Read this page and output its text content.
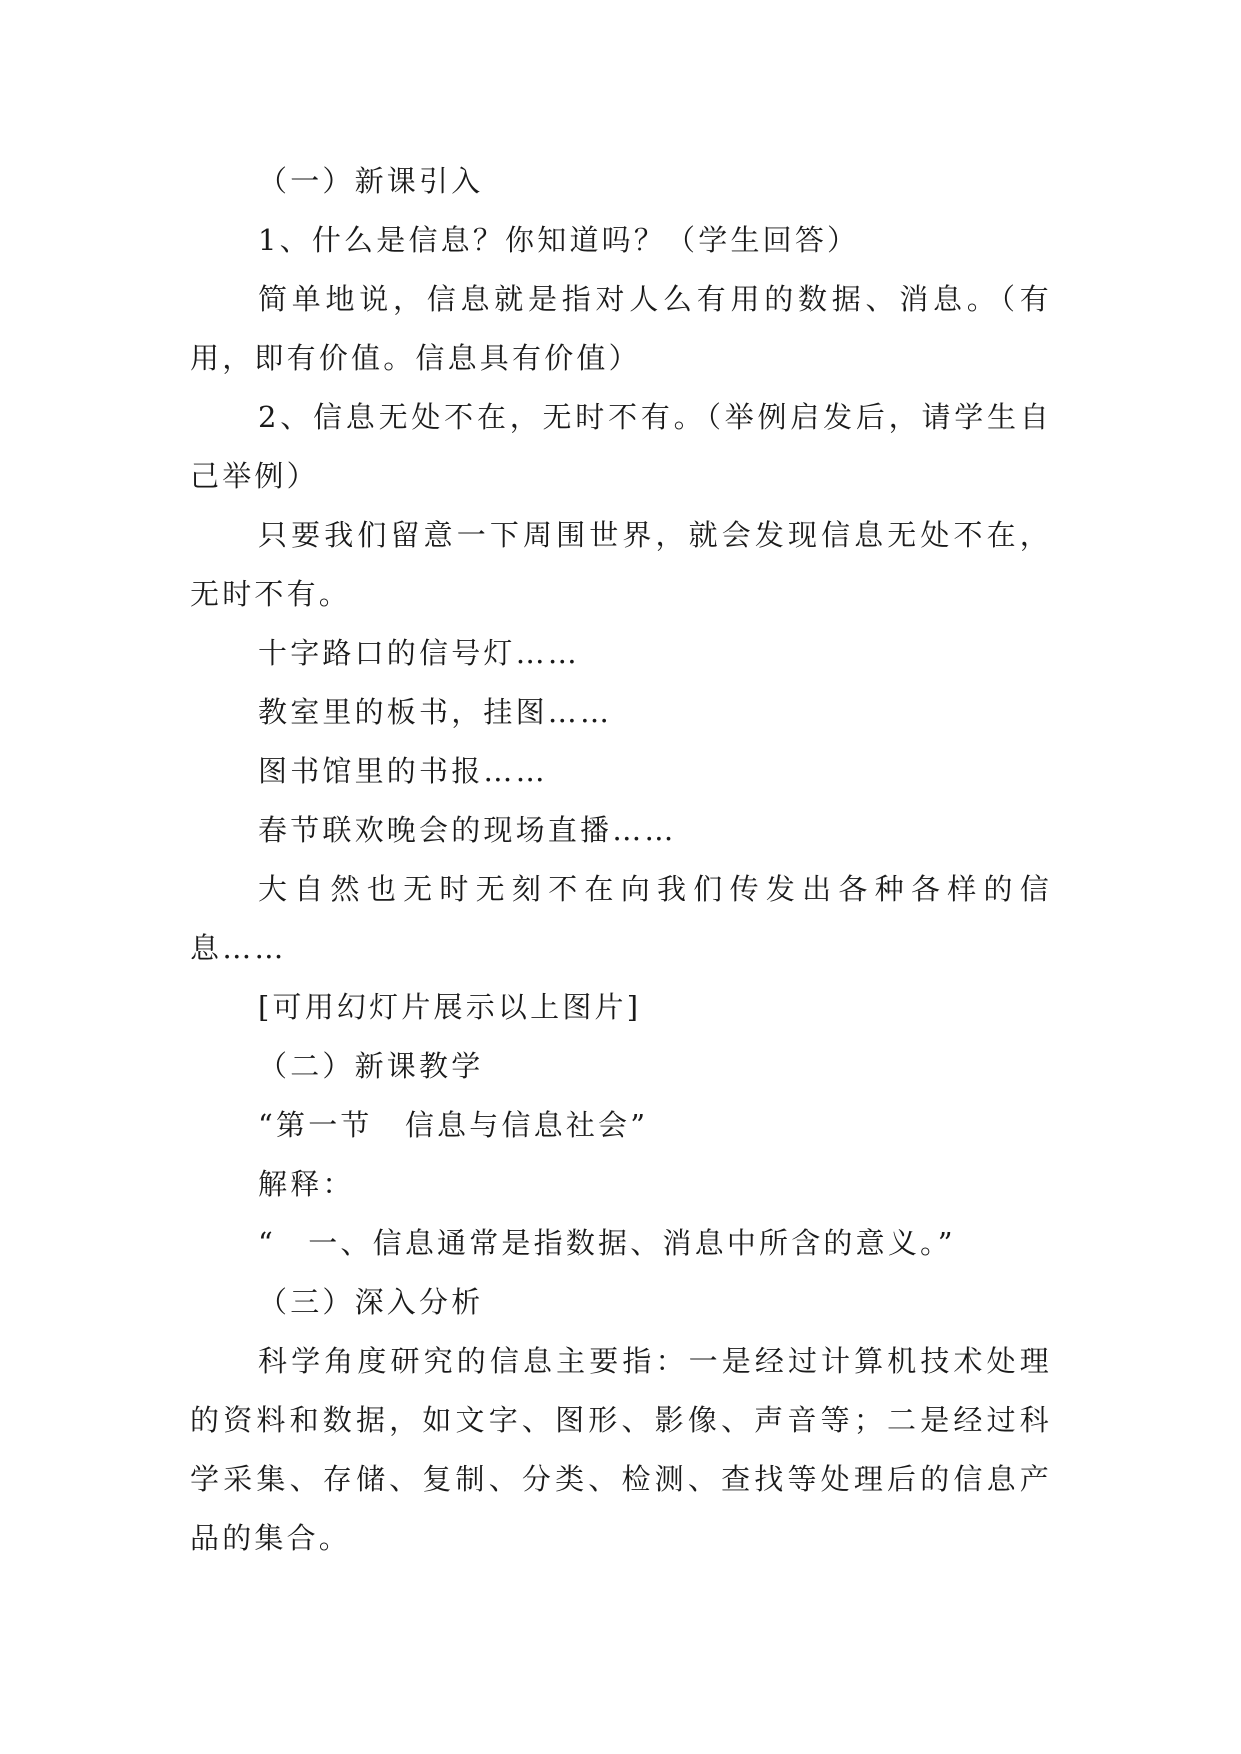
（一）新课引入

1、什么是信息？你知道吗？（学生回答）

简单地说，信息就是指对人么有用的数据、消息。（有用，即有价值。信息具有价值）

2、信息无处不在，无时不有。（举例启发后，请学生自己举例）

只要我们留意一下周围世界，就会发现信息无处不在，无时不有。

十字路口的信号灯……

教室里的板书，挂图……

图书馆里的书报……

春节联欢晚会的现场直播……

大自然也无时无刻不在向我们传发出各种各样的信息……

[可用幻灯片展示以上图片]

（二）新课教学

“第一节　信息与信息社会”

解释：

“　一、信息通常是指数据、消息中所含的意义。”

（三）深入分析

科学角度研究的信息主要指：一是经过计算机技术处理的资料和数据，如文字、图形、影像、声音等；二是经过科学采集、存储、复制、分类、检测、查找等处理后的信息产品的集合。
